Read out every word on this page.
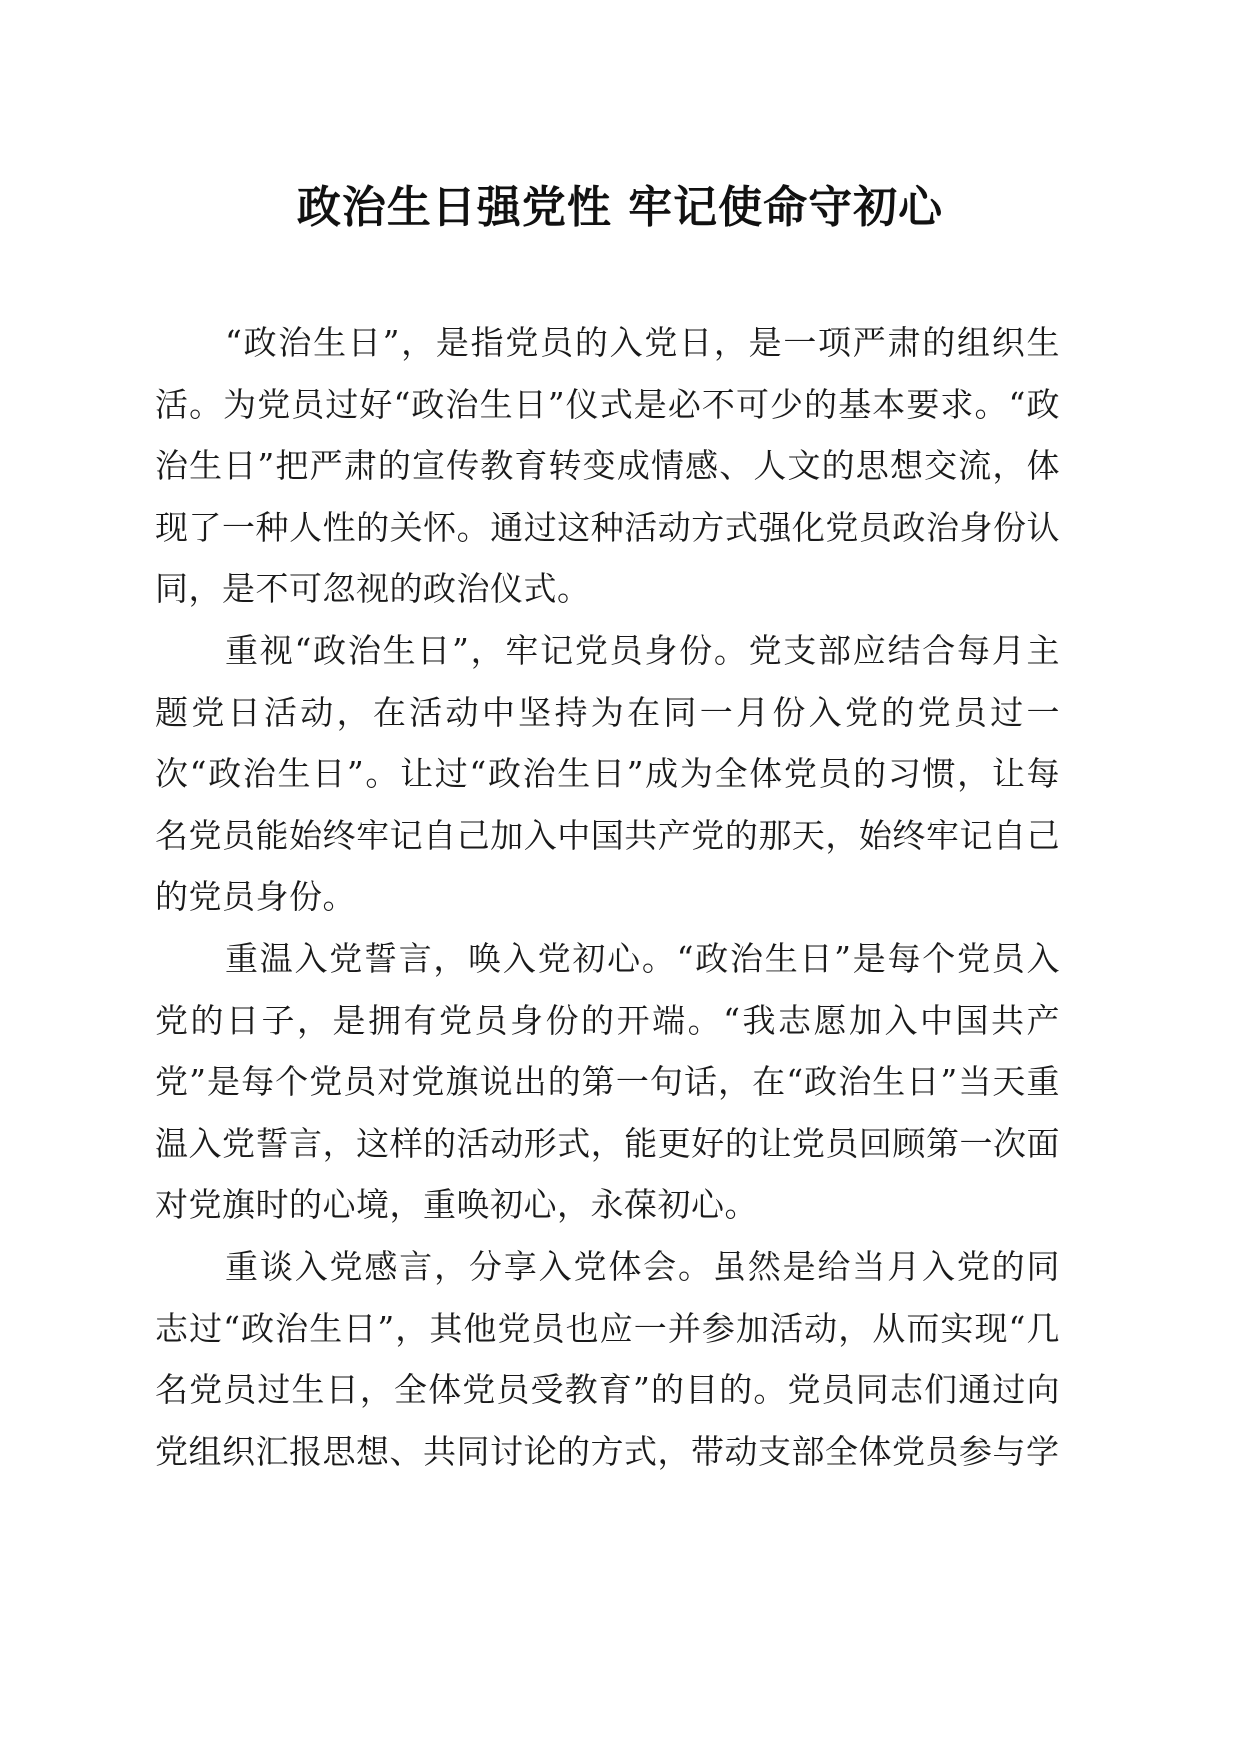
政治生日强党性 牢记使命守初心

“政治生日”，是指党员的入党日，是一项严肃的组织生活。为党员过好“政治生日”仪式是必不可少的基本要求。“政治生日”把严肃的宣传教育转变成情感、人文的思想交流，体现了一种人性的关怀。通过这种活动方式强化党员政治身份认同，是不可忽视的政治仪式。

重视“政治生日”，牢记党员身份。党支部应结合每月主题党日活动，在活动中坚持为在同一月份入党的党员过一次“政治生日”。让过“政治生日”成为全体党员的习惯，让每名党员能始终牢记自己加入中国共产党的那天，始终牢记自己的党员身份。

重温入党誓言，唤入党初心。“政治生日”是每个党员入党的日子，是拥有党员身份的开端。“我志愿加入中国共产党”是每个党员对党旗说出的第一句话，在“政治生日”当天重温入党誓言，这样的活动形式，能更好的让党员回顾第一次面对党旗时的心境，重唤初心，永葆初心。

重谈入党感言，分享入党体会。虽然是给当月入党的同志过“政治生日”，其他党员也应一并参加活动，从而实现“几名党员过生日，全体党员受教育”的目的。党员同志们通过向党组织汇报思想、共同讨论的方式，带动支部全体党员参与学
